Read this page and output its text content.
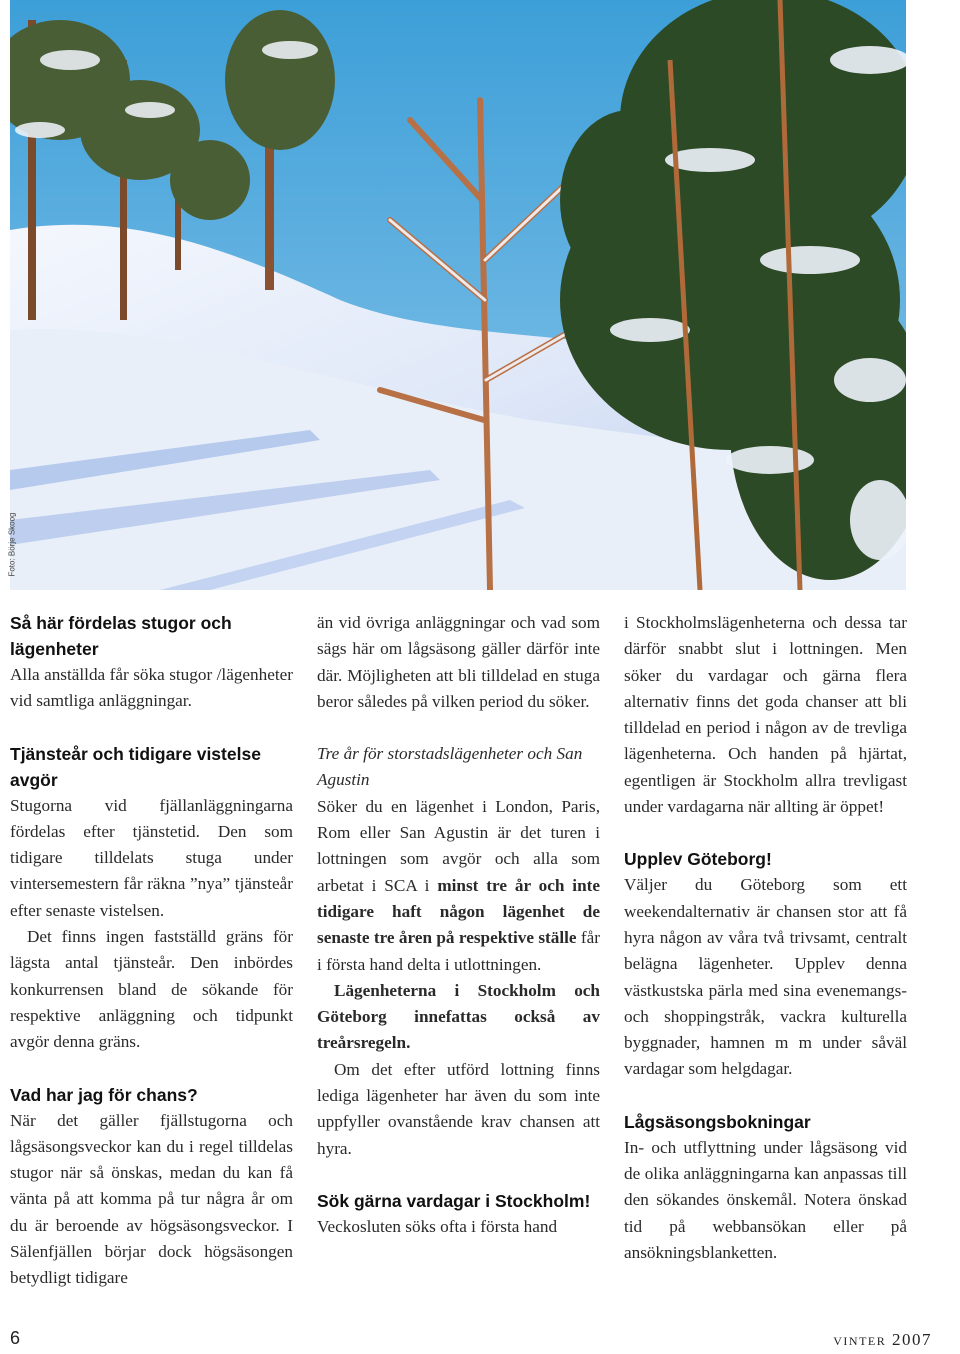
Foto: Börje Skoog
Så här fördelas stugor och lägenheter

Alla anställda får söka stugor /lägenheter vid samtliga anläggningar.

Tjänsteår och tidigare vistelse avgör

Stugorna vid fjällanläggningarna fördelas efter tjänstetid. Den som tidigare tilldelats stuga under vintersemestern får räkna ”nya” tjänsteår efter senaste vistelsen.

Det finns ingen fastställd gräns för lägsta antal tjänsteår. Den inbördes konkurrensen bland de sökande för respektive anläggning och tidpunkt avgör denna gräns.

Vad har jag för chans?

När det gäller fjällstugorna och lågsäsongsveckor kan du i regel tilldelas stugor när så önskas, medan du kan få vänta på att komma på tur några år om du är beroende av högsäsongsveckor. I Sälenfjällen börjar dock högsäsongen betydligt tidigare

än vid övriga anläggningar och vad som sägs här om lågsäsong gäller därför inte där. Möjligheten att bli tilldelad en stuga beror således på vilken period du söker.

Tre år för storstadslägenheter och San Agustin

Söker du en lägenhet i London, Paris, Rom eller San Agustin är det turen i lottningen som avgör och alla som arbetat i SCA i minst tre år och inte tidigare haft någon lägenhet de senaste tre åren på respektive ställe får i första hand delta i utlottningen.

Lägenheterna i Stockholm och Göteborg innefattas också av treårsregeln.

Om det efter utförd lottning finns lediga lägenheter har även du som inte uppfyller ovanstående krav chansen att hyra.

Sök gärna vardagar i Stockholm!

Veckosluten söks ofta i första hand

i Stockholmslägenheterna och dessa tar därför snabbt slut i lottningen. Men söker du vardagar och gärna flera alternativ finns det goda chanser att bli tilldelad en period i någon av de trevliga lägenheterna. Och handen på hjärtat, egentligen är Stockholm allra trevligast under vardagarna när allting är öppet!

Upplev Göteborg!

Väljer du Göteborg som ett weekendalternativ är chansen stor att få hyra någon av våra två trivsamt, centralt belägna lägenheter. Upplev denna västkustska pärla med sina evenemangs- och shoppingstråk, vackra kulturella byggnader, hamnen m m under såväl vardagar som helgdagar.

Lågsäsongsbokningar

In- och utflyttning under lågsäsong vid de olika anläggningarna kan anpassas till den sökandes önskemål. Notera önskad tid på webbansökan eller på ansökningsblanketten.

6	vinter 2007
